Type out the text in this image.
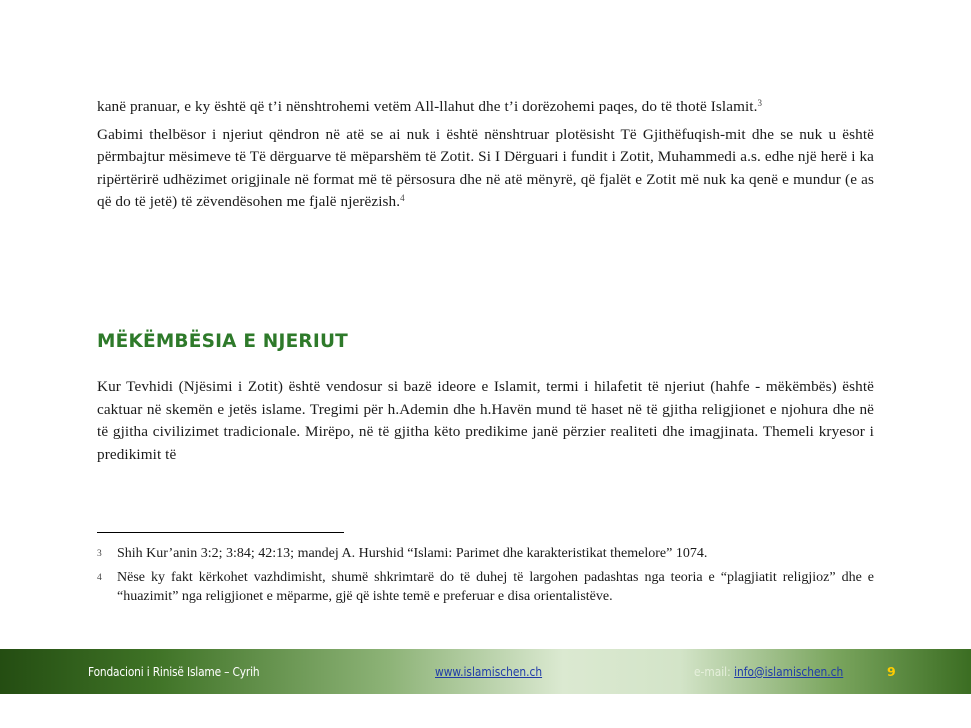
kanë pranuar, e ky është që t’i nënshtrohemi vetëm All-llahut dhe t’i dorëzohemi paqes, do të thotë Islamit.$^3$

Gabimi thelbësor i njeriut qëndron në atë se ai nuk i është nënshtruar plotësisht Të Gjithëfuqish-mit dhe se nuk u është përmbajtur mësimeve të Të dërguarve të mëparshëm të Zotit. Si I Dërguari i fundit i Zotit, Muhammedi a.s. edhe një herë i ka ripërtërirë udhëzimet origjinale në format më të përsosura dhe në atë mënyrë, që fjalët e Zotit më nuk ka qenë e mundur (e as që do të jetë) të zëvendësohen me fjalë njerëzish.$^4$

MËKËMBËSIA E NJERIUT

Kur Tevhidi (Njësimi i Zotit) është vendosur si bazë ideore e Islamit, termi i hilafetit të njeriut (hahfe - mëkëmbës) është caktuar në skemën e jetës islame. Tregimi për h.Ademin dhe h.Havën mund të haset në të gjitha religjionet e njohura dhe në të gjitha civilizimet tradicionale. Mirëpo, në të gjitha këto predikime janë përzier realiteti dhe imagjinata. Themeli kryesor i predikimit të

3	Shih Kur’anin 3:2; 3:84; 42:13; mandej A. Hurshid “Islami: Parimet dhe karakteristikat themelore” 1074.
4	Nëse ky fakt kërkohet vazhdimisht, shumë shkrimtarë do të duhej të largohen padashtas nga teoria e “plagjiatit religjioz” dhe e “huazimit” nga religjionet e mëparme, gjë që ishte temë e preferuar e disa orientalistëve.
Fondacioni i Rinisë Islame – Cyrih	www.islamischen.ch	e-mail: info@islamischen.ch	9
